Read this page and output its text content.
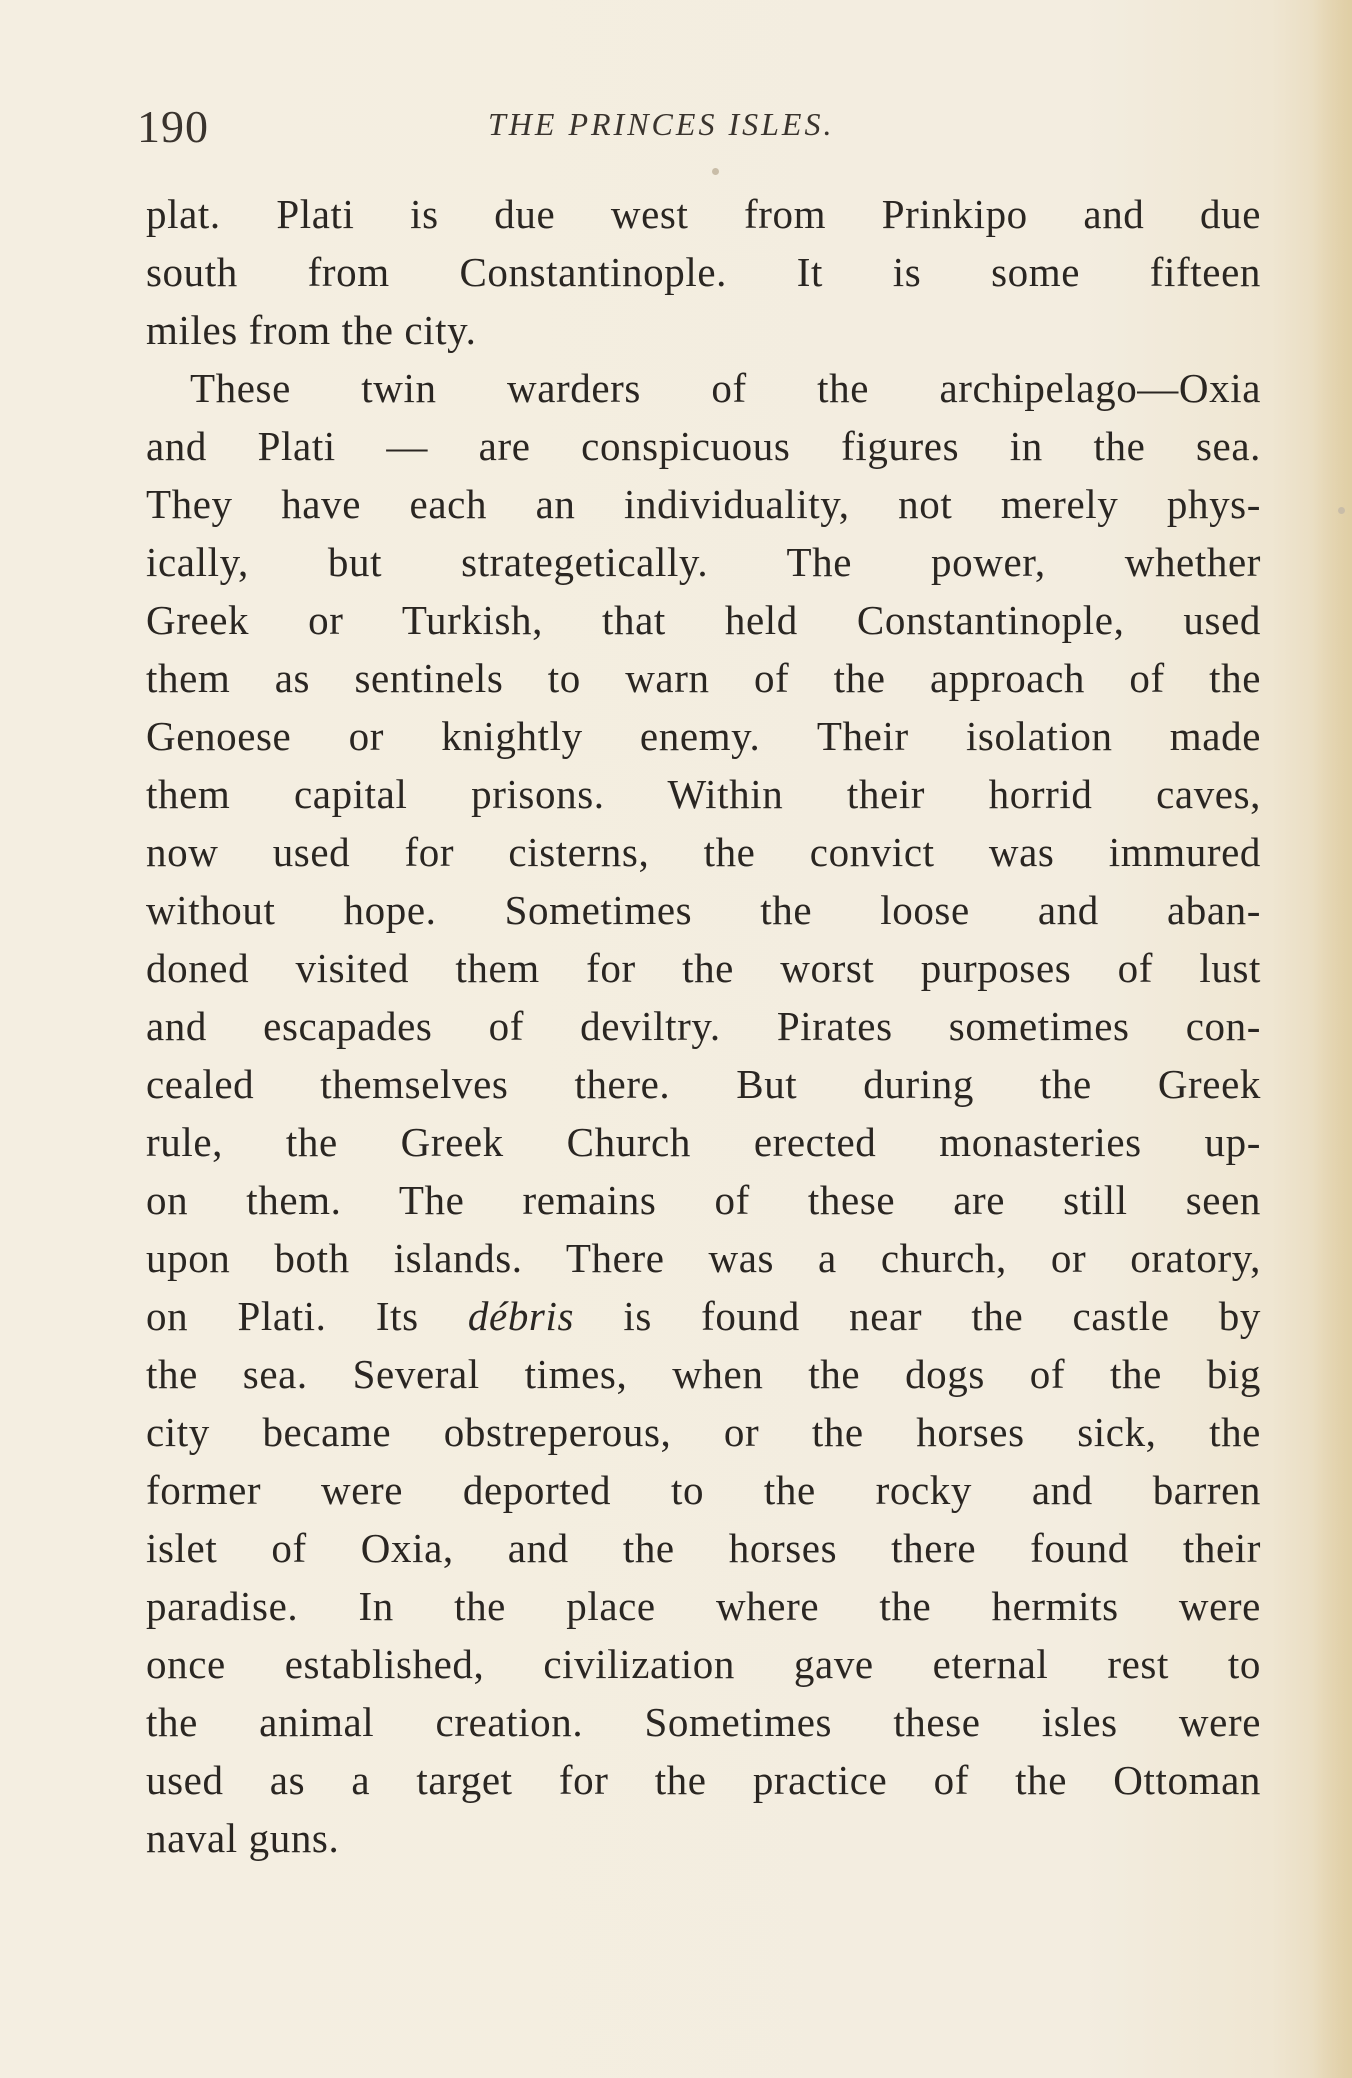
190	THE PRINCES ISLES.
plat. Plati is due west from Prinkipo and due
south from Constantinople. It is some fifteen
miles from the city.
These twin warders of the archipelago—Oxia
and Plati — are conspicuous figures in the sea.
They have each an individuality, not merely phys-
ically, but strategetically. The power, whether
Greek or Turkish, that held Constantinople, used
them as sentinels to warn of the approach of the
Genoese or knightly enemy. Their isolation made
them capital prisons. Within their horrid caves,
now used for cisterns, the convict was immured
without hope. Sometimes the loose and aban-
doned visited them for the worst purposes of lust
and escapades of deviltry. Pirates sometimes con-
cealed themselves there. But during the Greek
rule, the Greek Church erected monasteries up-
on them. The remains of these are still seen
upon both islands. There was a church, or oratory,
on Plati. Its débris is found near the castle by
the sea. Several times, when the dogs of the big
city became obstreperous, or the horses sick, the
former were deported to the rocky and barren
islet of Oxia, and the horses there found their
paradise. In the place where the hermits were
once established, civilization gave eternal rest to
the animal creation. Sometimes these isles were
used as a target for the practice of the Ottoman
naval guns.
